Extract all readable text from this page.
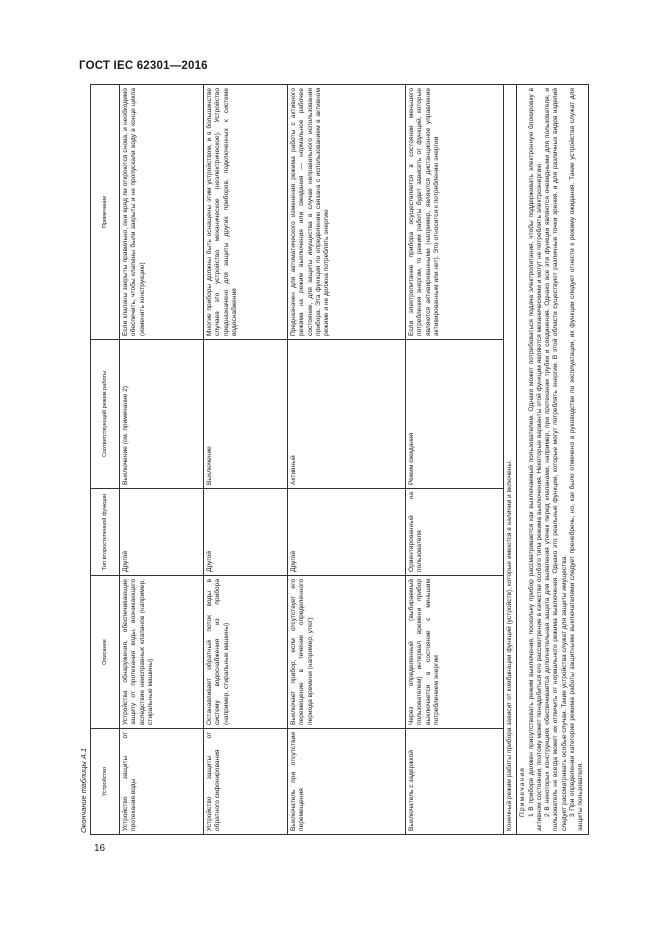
ГОСТ IEC 62301—2016
16
Окончание таблицы А.1	Устройство	Описание	Тип второстепенной функции	Соответствующий режим работы	Примечание
Устройство защиты от протекания воды	Устройства обнаружения, обеспечивающие защиту от протекания воды, возникающего вследствие неисправных клапанов (например, стиральные машины)	Другой	Выключение (см. примечание 2)	Если клапаны закрыты правильно, они вряд ли откроются снова, и необходимо обеспечить, чтобы клапаны были закрыты и не пропускали воду в конце цикла (изменить конструкцию)
Устройство защиты от обратного сифонирования	Останавливает обратный поток воды в систему водоснабжения из прибора (например, стиральные машины)	Другой	Выключение	Многие приборы должны быть оснащены этим устройством, и в большинстве случаев это устройство механическое (неэлектрическое). Устройство предназначено для защиты других приборов, подключенных к системе водоснабжения
Выключатель при отсутствии перемещения	Выключает прибор, если отсутствует его перемещение в течение определенного периода времени (например, утюг)	Другой	Активный	Предназначен для автоматического изменения режима работы с активного режима на режим выключения или ожидания — нормальное рабочее состояние, для защиты имущества в случае неправильного использования прибора. Эта функция по определению связана с использованием в активном режиме и не должна потреблять энергию
Выключатель с задержкой	Через определенный (выбираемый пользователем) интервал времени прибор выключается в состояние с меньшим потреблением энергии	Ориентированный на пользователя	Режим ожидания	Если электропитание прибора осуществляется в состоянии меньшего потребления энергии, то режим работы будет зависеть от функций, которые являются активированными (например, являются дистанционное управление активированным или нет). Это относится к потреблению энергии
Конечный режим работы прибора зависит от комбинации функций (устройств), которые имеются в наличии и включены.				

Примечания 1 В приборе должен присутствовать режим выключения, поскольку прибор рассматривается как выключаемый пользователем. Однако может потребоваться подача электропитания, чтобы поддерживать электронную блокировку в активном состоянии, поэтому может понадобиться его рассмотрение в качестве особого типа режима выключения. Некоторые варианты этой функции являются механическими и могут не потреблять электроэнергию. 2 В некоторых конструкциях обеспечивается дополнительная защита для выявления утечек перед клапанами, например, при протекании трубки и соединения. Однако все эти функции являются очевидными для пользователя, и пользователь не всегда может их отличить от нормального режима выключения. Однако это реальные функции, которые могут потреблять энергии. В этой области существуют различные точки зрения, и для различных видов изделий следует рассматривать особые случаи. Такие устройства служат для защиты имущества. 3 При определении категории режима работы защитными выключателями следует пренебречь, но, как было отмечено в руководстве по эксплуатации, их функции следует отнести к режиму ожидания. Такие устройства служат для защиты пользователя.				
